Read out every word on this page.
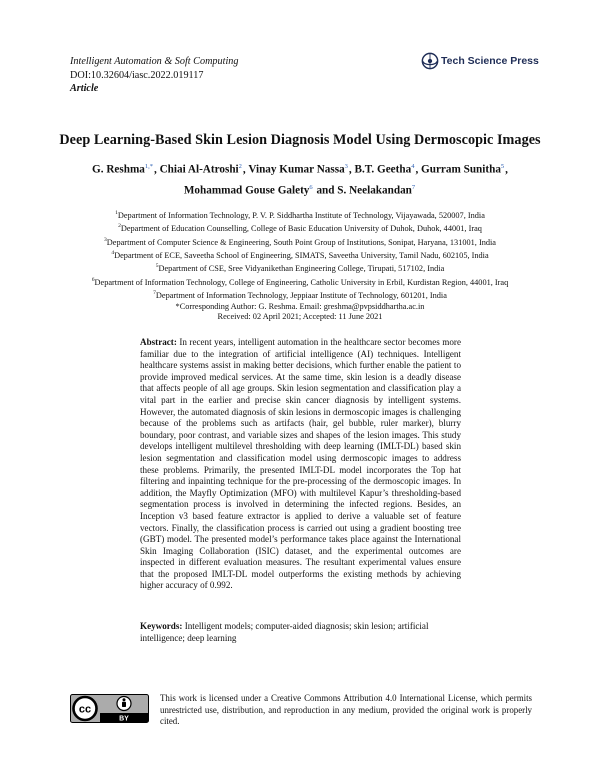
Intelligent Automation & Soft Computing
DOI:10.32604/iasc.2022.019117
Article
Tech Science Press
Deep Learning-Based Skin Lesion Diagnosis Model Using Dermoscopic Images
G. Reshma$^{1,*}$, Chiai Al-Atroshi$^2$, Vinay Kumar Nassa$^3$, B.T. Geetha$^4$, Gurram Sunitha$^5$,
Mohammad Gouse Galety$^6$ and S. Neelakandan$^7$
$^1$Department of Information Technology, P. V. P. Siddhartha Institute of Technology, Vijayawada, 520007, India
$^2$Department of Education Counselling, College of Basic Education University of Duhok, Duhok, 44001, Iraq
$^3$Department of Computer Science & Engineering, South Point Group of Institutions, Sonipat, Haryana, 131001, India
$^4$Department of ECE, Saveetha School of Engineering, SIMATS, Saveetha University, Tamil Nadu, 602105, India
$^5$Department of CSE, Sree Vidyanikethan Engineering College, Tirupati, 517102, India
$^6$Department of Information Technology, College of Engineering, Catholic University in Erbil, Kurdistan Region, 44001, Iraq
$^7$Department of Information Technology, Jeppiaar Institute of Technology, 601201, India
*Corresponding Author: G. Reshma. Email: greshma@pvpsiddhartha.ac.in
Received: 02 April 2021; Accepted: 11 June 2021
Abstract: In recent years, intelligent automation in the healthcare sector becomes more familiar due to the integration of artificial intelligence (AI) techniques. Intelligent healthcare systems assist in making better decisions, which further enable the patient to provide improved medical services. At the same time, skin lesion is a deadly disease that affects people of all age groups. Skin lesion segmentation and classification play a vital part in the earlier and precise skin cancer diagnosis by intelligent systems. However, the automated diagnosis of skin lesions in dermoscopic images is challenging because of the problems such as artifacts (hair, gel bubble, ruler marker), blurry boundary, poor contrast, and variable sizes and shapes of the lesion images. This study develops intelligent multilevel thresholding with deep learning (IMLT-DL) based skin lesion segmentation and classification model using dermoscopic images to address these problems. Primarily, the presented IMLT-DL model incorporates the Top hat filtering and inpainting technique for the pre-processing of the dermoscopic images. In addition, the Mayfly Optimization (MFO) with multilevel Kapur’s thresholding-based segmentation process is involved in determining the infected regions. Besides, an Inception v3 based feature extractor is applied to derive a valuable set of feature vectors. Finally, the classification process is carried out using a gradient boosting tree (GBT) model. The presented model’s performance takes place against the International Skin Imaging Collaboration (ISIC) dataset, and the experimental outcomes are inspected in different evaluation measures. The resultant experimental values ensure that the proposed IMLT-DL model outperforms the existing methods by achieving higher accuracy of 0.992.
Keywords: Intelligent models; computer-aided diagnosis; skin lesion; artificial intelligence; deep learning
cc
BY
This work is licensed under a Creative Commons Attribution 4.0 International License, which permits unrestricted use, distribution, and reproduction in any medium, provided the original work is properly cited.
